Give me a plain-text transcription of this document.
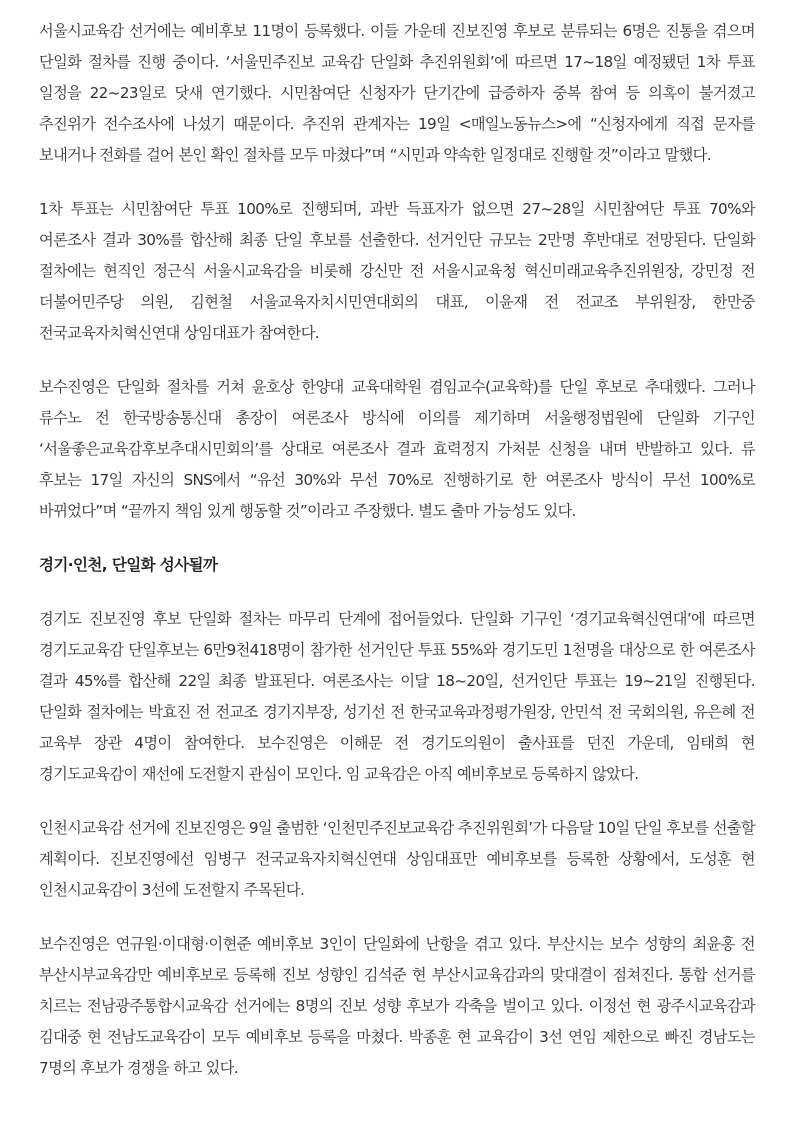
서울시교육감 선거에는 예비후보 11명이 등록했다. 이들 가운데 진보진영 후보로 분류되는 6명은 진통을 겪으며 단일화 절차를 진행 중이다. ‘서울민주진보 교육감 단일화 추진위원회’에 따르면 17~18일 예정됐던 1차 투표 일정을 22~23일로 닷새 연기했다. 시민참여단 신청자가 단기간에 급증하자 중복 참여 등 의혹이 불거졌고 추진위가 전수조사에 나섰기 때문이다. 추진위 관계자는 19일 <매일노동뉴스>에 “신청자에게 직접 문자를 보내거나 전화를 걸어 본인 확인 절차를 모두 마쳤다”며 “시민과 약속한 일정대로 진행할 것”이라고 말했다.

1차 투표는 시민참여단 투표 100%로 진행되며, 과반 득표자가 없으면 27~28일 시민참여단 투표 70%와 여론조사 결과 30%를 합산해 최종 단일 후보를 선출한다. 선거인단 규모는 2만명 후반대로 전망된다. 단일화 절차에는 현직인 정근식 서울시교육감을 비롯해 강신만 전 서울시교육청 혁신미래교육추진위원장, 강민정 전 더불어민주당 의원, 김현철 서울교육자치시민연대회의 대표, 이윤재 전 전교조 부위원장, 한만중 전국교육자치혁신연대 상임대표가 참여한다.

보수진영은 단일화 절차를 거쳐 윤호상 한양대 교육대학원 겸임교수(교육학)를 단일 후보로 추대했다. 그러나 류수노 전 한국방송통신대 총장이 여론조사 방식에 이의를 제기하며 서울행정법원에 단일화 기구인 ‘서울좋은교육감후보추대시민회의’를 상대로 여론조사 결과 효력정지 가처분 신청을 내며 반발하고 있다. 류 후보는 17일 자신의 SNS에서 “유선 30%와 무선 70%로 진행하기로 한 여론조사 방식이 무선 100%로 바뀌었다”며 “끝까지 책임 있게 행동할 것”이라고 주장했다. 별도 출마 가능성도 있다.

경기·인천, 단일화 성사될까

경기도 진보진영 후보 단일화 절차는 마무리 단계에 접어들었다. 단일화 기구인 ‘경기교육혁신연대’에 따르면 경기도교육감 단일후보는 6만9천418명이 참가한 선거인단 투표 55%와 경기도민 1천명을 대상으로 한 여론조사 결과 45%를 합산해 22일 최종 발표된다. 여론조사는 이달 18~20일, 선거인단 투표는 19~21일 진행된다. 단일화 절차에는 박효진 전 전교조 경기지부장, 성기선 전 한국교육과정평가원장, 안민석 전 국회의원, 유은혜 전 교육부 장관 4명이 참여한다. 보수진영은 이해문 전 경기도의원이 출사표를 던진 가운데, 임태희 현 경기도교육감이 재선에 도전할지 관심이 모인다. 임 교육감은 아직 예비후보로 등록하지 않았다.

인천시교육감 선거에 진보진영은 9일 출범한 ‘인천민주진보교육감 추진위원회’가 다음달 10일 단일 후보를 선출할 계획이다. 진보진영에선 임병구 전국교육자치혁신연대 상임대표만 예비후보를 등록한 상황에서, 도성훈 현 인천시교육감이 3선에 도전할지 주목된다.

보수진영은 연규원·이대형·이현준 예비후보 3인이 단일화에 난항을 겪고 있다. 부산시는 보수 성향의 최윤홍 전 부산시부교육감만 예비후보로 등록해 진보 성향인 김석준 현 부산시교육감과의 맞대결이 점쳐진다. 통합 선거를 치르는 전남광주통합시교육감 선거에는 8명의 진보 성향 후보가 각축을 벌이고 있다. 이정선 현 광주시교육감과 김대중 현 전남도교육감이 모두 예비후보 등록을 마쳤다. 박종훈 현 교육감이 3선 연임 제한으로 빠진 경남도는 7명의 후보가 경쟁을 하고 있다.
